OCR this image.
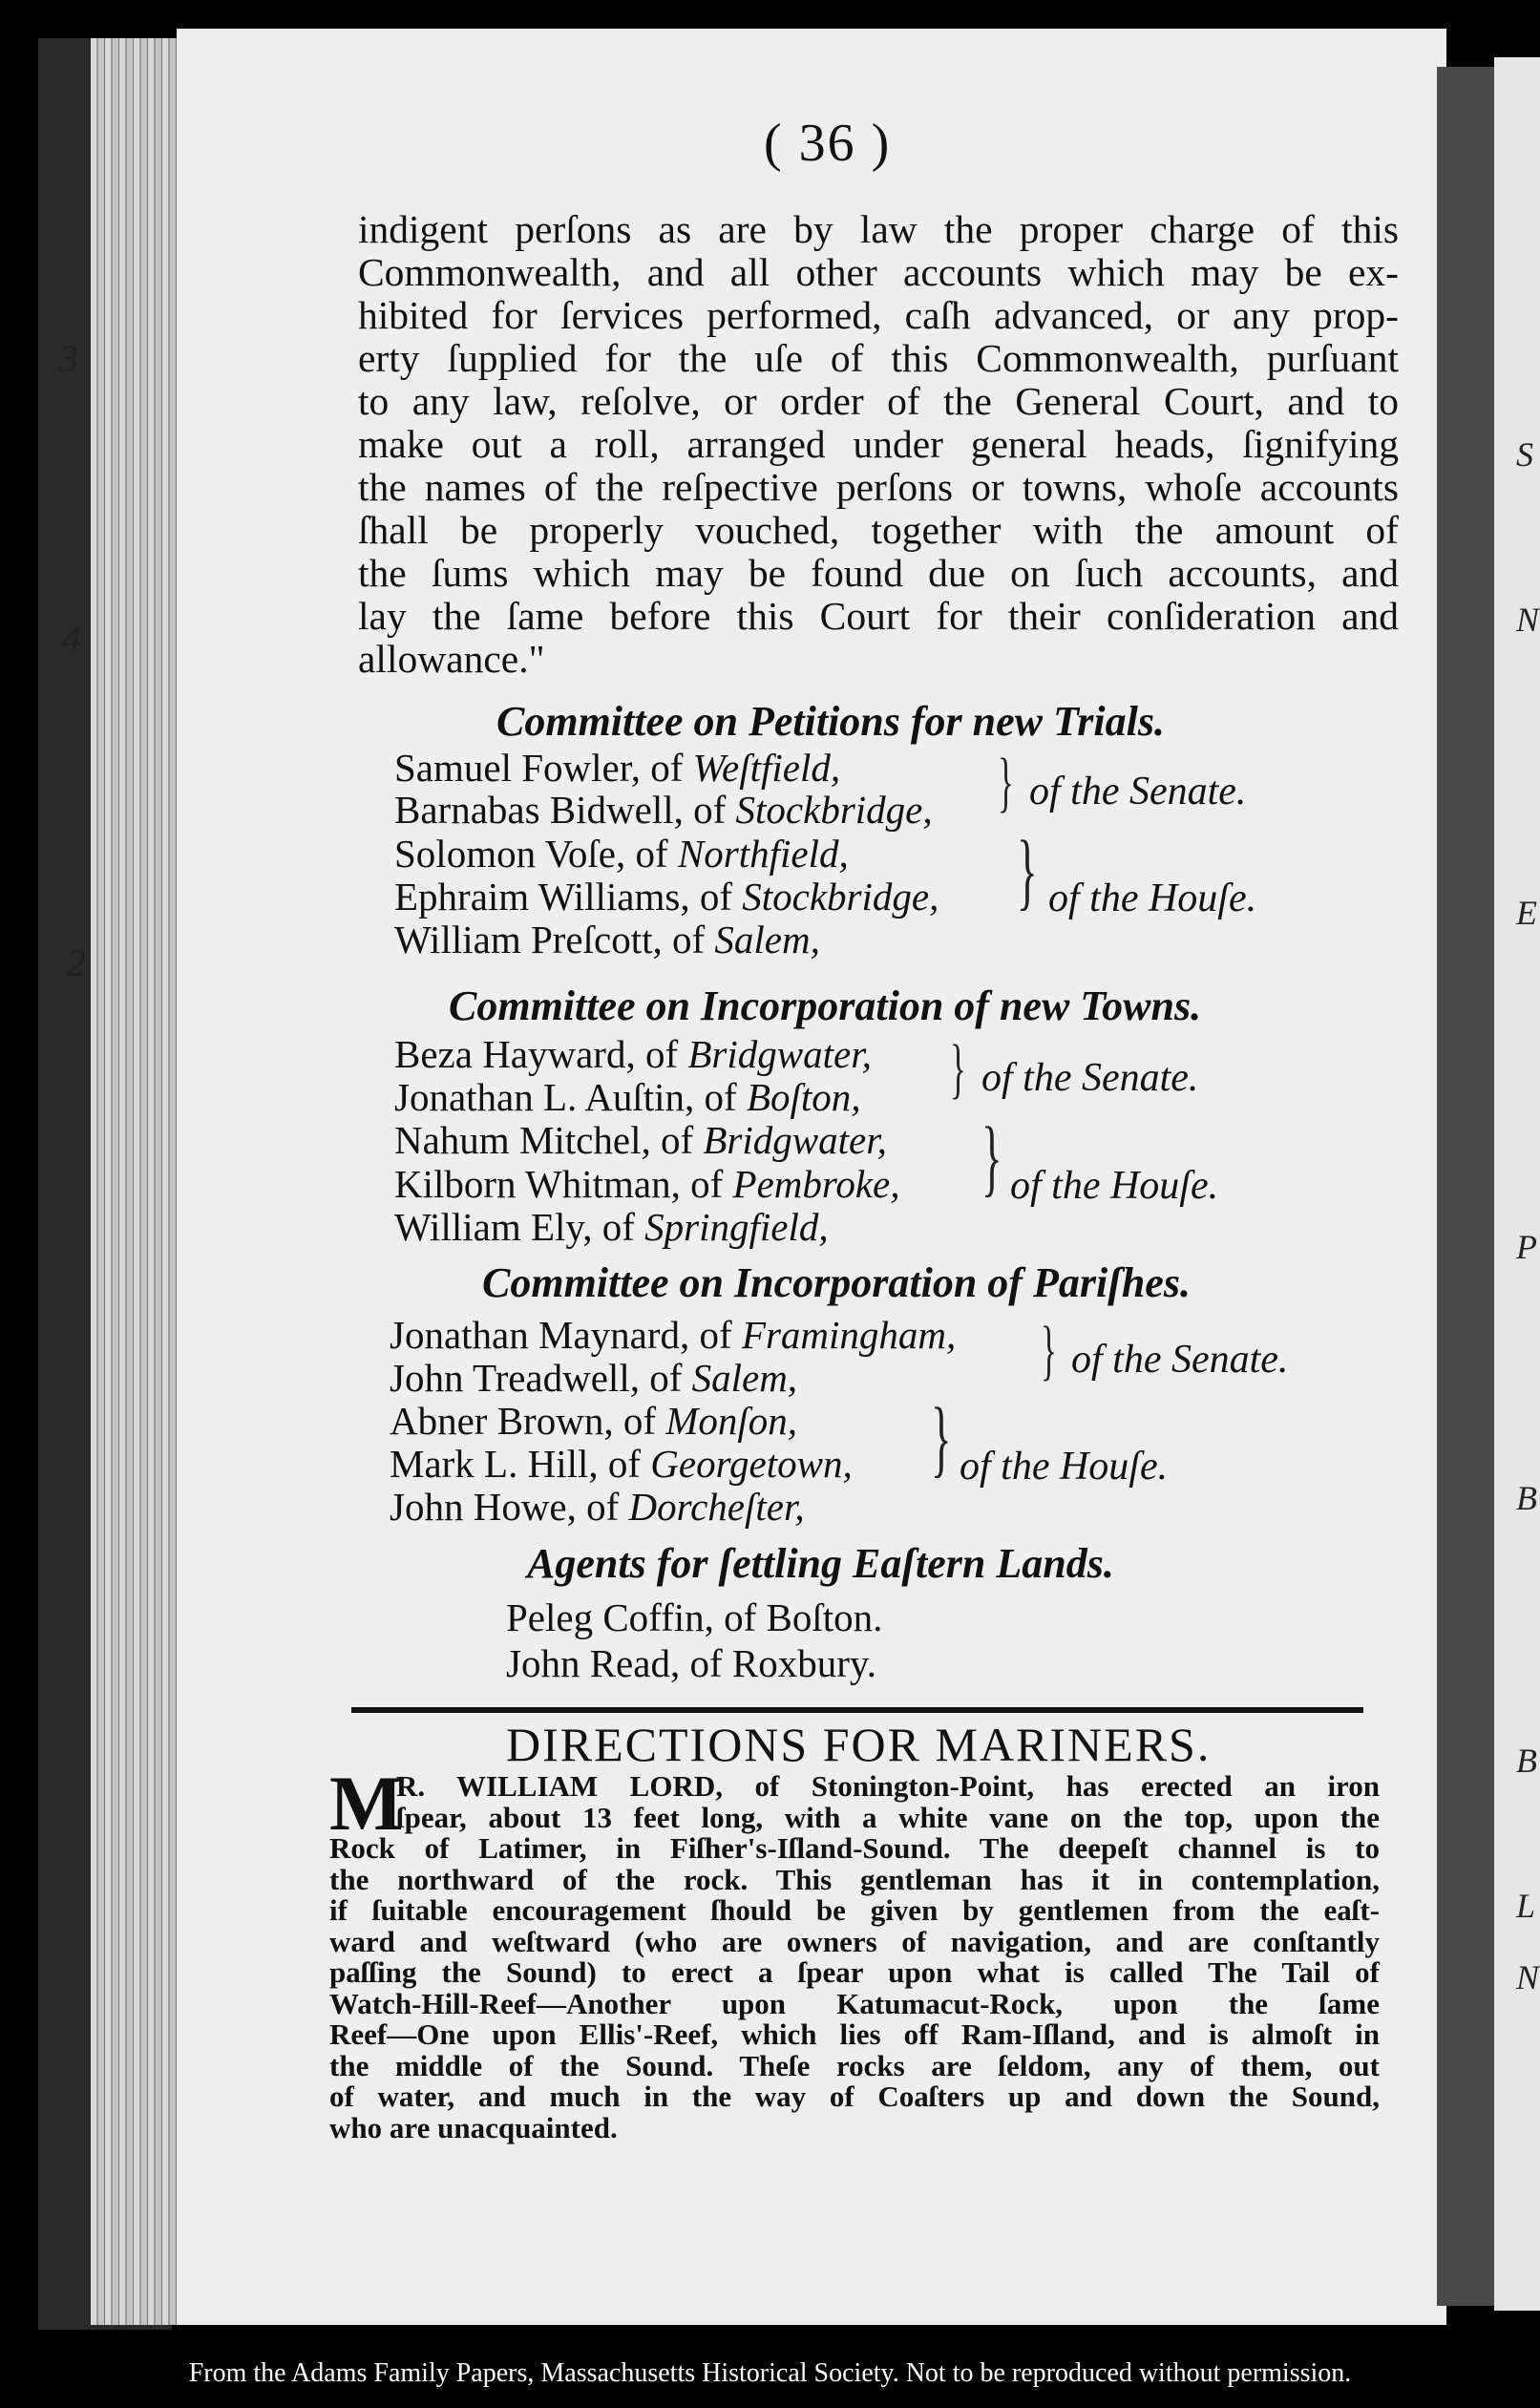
3
4
2
S
N
E
P
B
B
L
N
( 36 )
indigent perſons as are by law the proper charge of this
Commonwealth, and all other accounts which may be ex-
hibited for ſervices performed, caſh advanced, or any prop-
erty ſupplied for the uſe of this Commonwealth, purſuant
to any law, reſolve, or order of the General Court, and to
make out a roll, arranged under general heads, ſignifying
the names of the reſpective perſons or towns, whoſe accounts
ſhall be properly vouched, together with the amount of
the ſums which may be found due on ſuch accounts, and
lay the ſame before this Court for their conſideration and
allowance."
Committee on Petitions for new Trials.
Samuel Fowler, of Weſtfield,
Barnabas Bidwell, of Stockbridge, } of the Senate.
Solomon Voſe, of Northfield,
Ephraim Williams, of Stockbridge,
William Preſcott, of Salem,
} of the Houſe.
Committee on Incorporation of new Towns.
Beza Hayward, of Bridgwater,
Jonathan L. Auſtin, of Boſton, } of the Senate.
Nahum Mitchel, of Bridgwater,
Kilborn Whitman, of Pembroke,
William Ely, of Springfield,
} of the Houſe.
Committee on Incorporation of Pariſhes.
Jonathan Maynard, of Framingham,
John Treadwell, of Salem,	} of the Senate.
Abner Brown, of Monſon,
Mark L. Hill, of Georgetown,
John Howe, of Dorcheſter,
} of the Houſe.
Agents for ſettling Eaſtern Lands.
Peleg Coffin, of Boſton.
John Read, of Roxbury.
DIRECTIONS FOR MARINERS.
M
R. WILLIAM LORD, of Stonington-Point, has erected an iron
ſpear, about 13 feet long, with a white vane on the top, upon the
Rock of Latimer, in Fiſher's-Iſland-Sound. The deepeſt channel is to
the northward of the rock. This gentleman has it in contemplation,
if ſuitable encouragement ſhould be given by gentlemen from the eaſt-
ward and weſtward (who are owners of navigation, and are conſtantly
paſſing the Sound) to erect a ſpear upon what is called The Tail of
Watch-Hill-Reef—Another upon Katumacut-Rock, upon the ſame
Reef—One upon Ellis'-Reef, which lies off Ram-Iſland, and is almoſt in
the middle of the Sound. Theſe rocks are ſeldom, any of them, out
of water, and much in the way of Coaſters up and down the Sound,
who are unacquainted.
From the Adams Family Papers, Massachusetts Historical Society. Not to be reproduced without permission.
